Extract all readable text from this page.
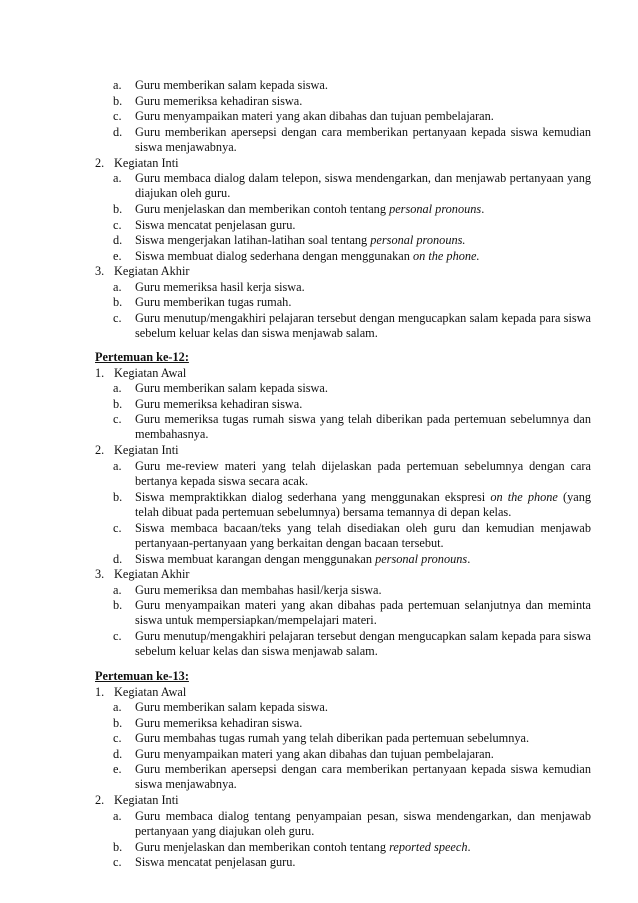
a. Guru memberikan salam kepada siswa.
b. Guru memeriksa kehadiran siswa.
c. Guru menyampaikan materi yang akan dibahas dan tujuan pembelajaran.
d. Guru memberikan apersepsi dengan cara memberikan pertanyaan kepada siswa kemudian siswa menjawabnya.
2. Kegiatan Inti
a. Guru membaca dialog dalam telepon, siswa mendengarkan, dan menjawab pertanyaan yang diajukan oleh guru.
b. Guru menjelaskan dan memberikan contoh tentang personal pronouns.
c. Siswa mencatat penjelasan guru.
d. Siswa mengerjakan latihan-latihan soal tentang personal pronouns.
e. Siswa membuat dialog sederhana dengan menggunakan on the phone.
3. Kegiatan Akhir
a. Guru memeriksa hasil kerja siswa.
b. Guru memberikan tugas rumah.
c. Guru menutup/mengakhiri pelajaran tersebut dengan mengucapkan salam kepada para siswa sebelum keluar kelas dan siswa menjawab salam.
Pertemuan ke-12:
1. Kegiatan Awal
a. Guru memberikan salam kepada siswa.
b. Guru memeriksa kehadiran siswa.
c. Guru memeriksa tugas rumah siswa yang telah diberikan pada pertemuan sebelumnya dan membahasnya.
2. Kegiatan Inti
a. Guru me-review materi yang telah dijelaskan pada pertemuan sebelumnya dengan cara bertanya kepada siswa secara acak.
b. Siswa mempraktikkan dialog sederhana yang menggunakan ekspresi on the phone (yang telah dibuat pada pertemuan sebelumnya) bersama temannya di depan kelas.
c. Siswa membaca bacaan/teks yang telah disediakan oleh guru dan kemudian menjawab pertanyaan-pertanyaan yang berkaitan dengan bacaan tersebut.
d. Siswa membuat karangan dengan menggunakan personal pronouns.
3. Kegiatan Akhir
a. Guru memeriksa dan membahas hasil/kerja siswa.
b. Guru menyampaikan materi yang akan dibahas pada pertemuan selanjutnya dan meminta siswa untuk mempersiapkan/mempelajari materi.
c. Guru menutup/mengakhiri pelajaran tersebut dengan mengucapkan salam kepada para siswa sebelum keluar kelas dan siswa menjawab salam.
Pertemuan ke-13:
1. Kegiatan Awal
a. Guru memberikan salam kepada siswa.
b. Guru memeriksa kehadiran siswa.
c. Guru membahas tugas rumah yang telah diberikan pada pertemuan sebelumnya.
d. Guru menyampaikan materi yang akan dibahas dan tujuan pembelajaran.
e. Guru memberikan apersepsi dengan cara memberikan pertanyaan kepada siswa kemudian siswa menjawabnya.
2. Kegiatan Inti
a. Guru membaca dialog tentang penyampaian pesan, siswa mendengarkan, dan menjawab pertanyaan yang diajukan oleh guru.
b. Guru menjelaskan dan memberikan contoh tentang reported speech.
c. Siswa mencatat penjelasan guru.
